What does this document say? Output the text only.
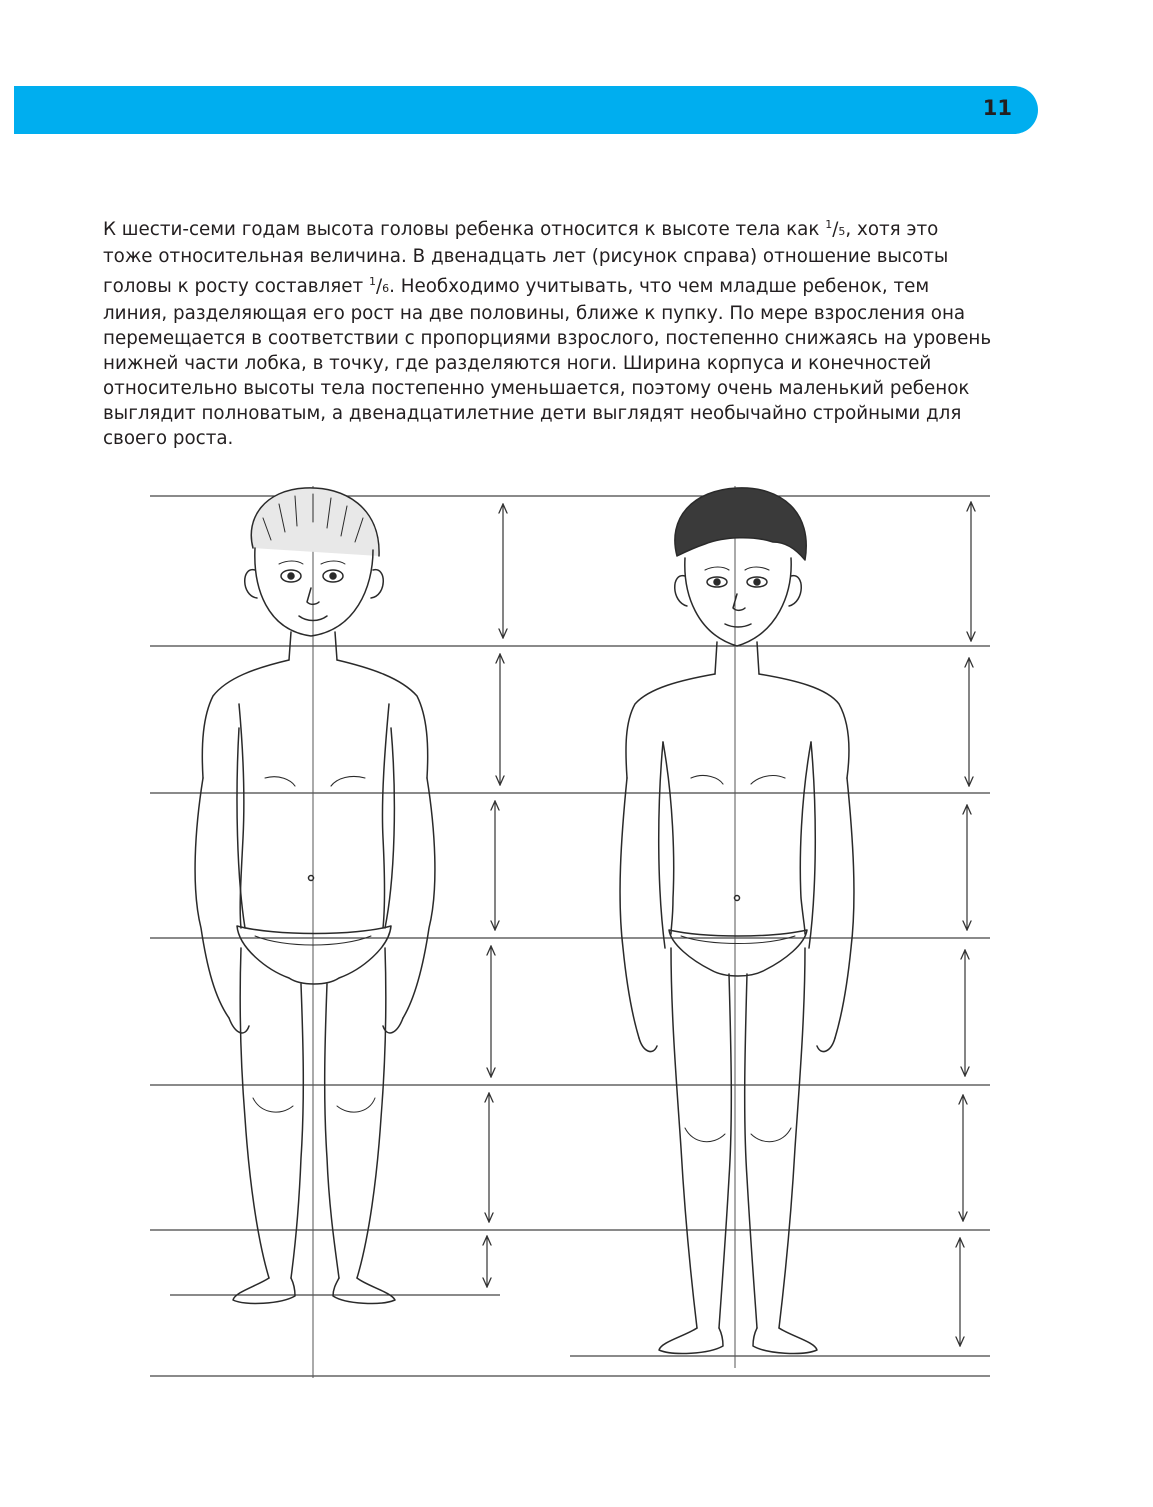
11
К шести-семи годам высота головы ребенка относится к высоте тела как $^1$/5, хотя это
тоже относительная величина. В двенадцать лет (рисунок справа) отношение высоты
головы к росту составляет $^1$/6. Необходимо учитывать, что чем младше ребенок, тем
линия, разделяющая его рост на две половины, ближе к пупку. По мере взросления она
перемещается в соответствии с пропорциями взрослого, постепенно снижаясь на уровень
нижней части лобка, в точку, где разделяются ноги. Ширина корпуса и конечностей
относительно высоты тела постепенно уменьшается, поэтому очень маленький ребенок
выглядит полноватым, а двенадцатилетние дети выглядят необычайно стройными для
своего роста.
